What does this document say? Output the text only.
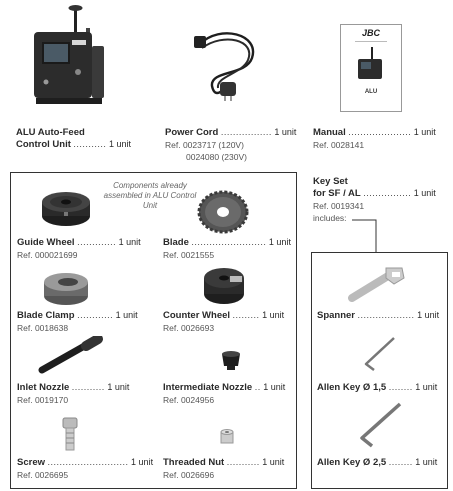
ALU Auto-Feed
Control Unit ........... 1 unit
Power Cord ................. 1 unit
Ref. 0023717 (120V)
0024080 (230V)
JBC
ALU
Manual ..................... 1 unit
Ref. 0028141
Components already assembled in ALU Control Unit
Guide Wheel ............. 1 unit
Ref. 000021699
Blade ......................... 1 unit
Ref. 0021555
Blade Clamp ............ 1 unit
Ref. 0018638
Counter Wheel ......... 1 unit
Ref. 0026693
Inlet Nozzle ........... 1 unit
Ref. 0019170
Intermediate Nozzle .. 1 unit
Ref. 0024956
Screw ........................... 1 unit
Ref. 0026695
Threaded Nut ........... 1 unit
Ref. 0026696
Key Set
for SF / AL ................ 1 unit
Ref. 0019341
includes:
Spanner ................... 1 unit
Allen Key Ø 1,5 ........ 1 unit
Allen Key Ø 2,5 ........ 1 unit
